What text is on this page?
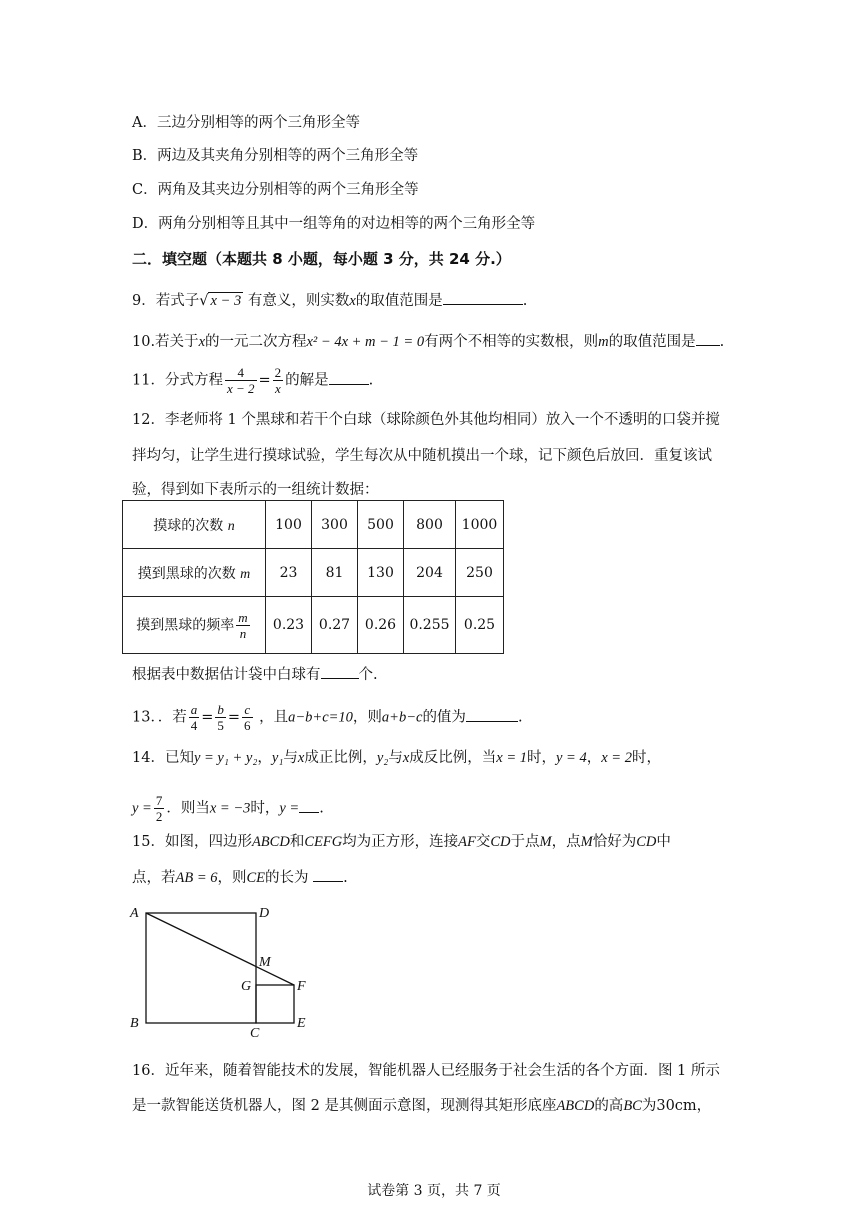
A．三边分别相等的两个三角形全等
B．两边及其夹角分别相等的两个三角形全等
C．两角及其夹边分别相等的两个三角形全等
D．两角分别相等且其中一组等角的对边相等的两个三角形全等
二．填空题（本题共 8 小题，每小题 3 分，共 24 分.）
9．若式子√ x − 3 有意义，则实数x的取值范围是	.
10.若关于x的一元二次方程x² − 4x + m − 1 = 0有两个不相等的实数根，则m的取值范围是 .
11．分式方程 $\frac{4}{x - 2} = \frac{2}{x}$ 的解是	.
12．李老师将 1 个黑球和若干个白球（球除颜色外其他均相同）放入一个不透明的口袋并搅
拌均匀，让学生进行摸球试验，学生每次从中随机摸出一个球，记下颜色后放回．重复该试
验，得到如下表所示的一组统计数据：
摸球的次数 n	100	300	500	800	1000
摸到黑球的次数 m	23	81	130	204	250
摸到黑球的频率 $\frac{m}{n}$	0.23	0.27	0.26	0.255	0.25
根据表中数据估计袋中白球有	个.
13．．若 $\frac{a}{4} = \frac{b}{5} = \frac{c}{6}$ ，且a−b+c=10，则a+b−c的值为	.
14．已知y = y₁ + y₂，y₁与x成正比例，y₂与x成反比例，当x = 1时，y = 4，x = 2时，
$y = \frac{7}{2}$ ．则当x = −3时，y = .
15．如图，四边形ABCD和CEFG均为正方形，连接AF交CD于点M，点M恰好为CD中
点，若AB = 6，则CE的长为 .
A	D
M
G	F
B
C
E
16．近年来，随着智能技术的发展，智能机器人已经服务于社会生活的各个方面．图 1 所示
是一款智能送货机器人，图 2 是其侧面示意图，现测得其矩形底座ABCD的高BC为30cm，
试卷第 3 页，共 7 页
